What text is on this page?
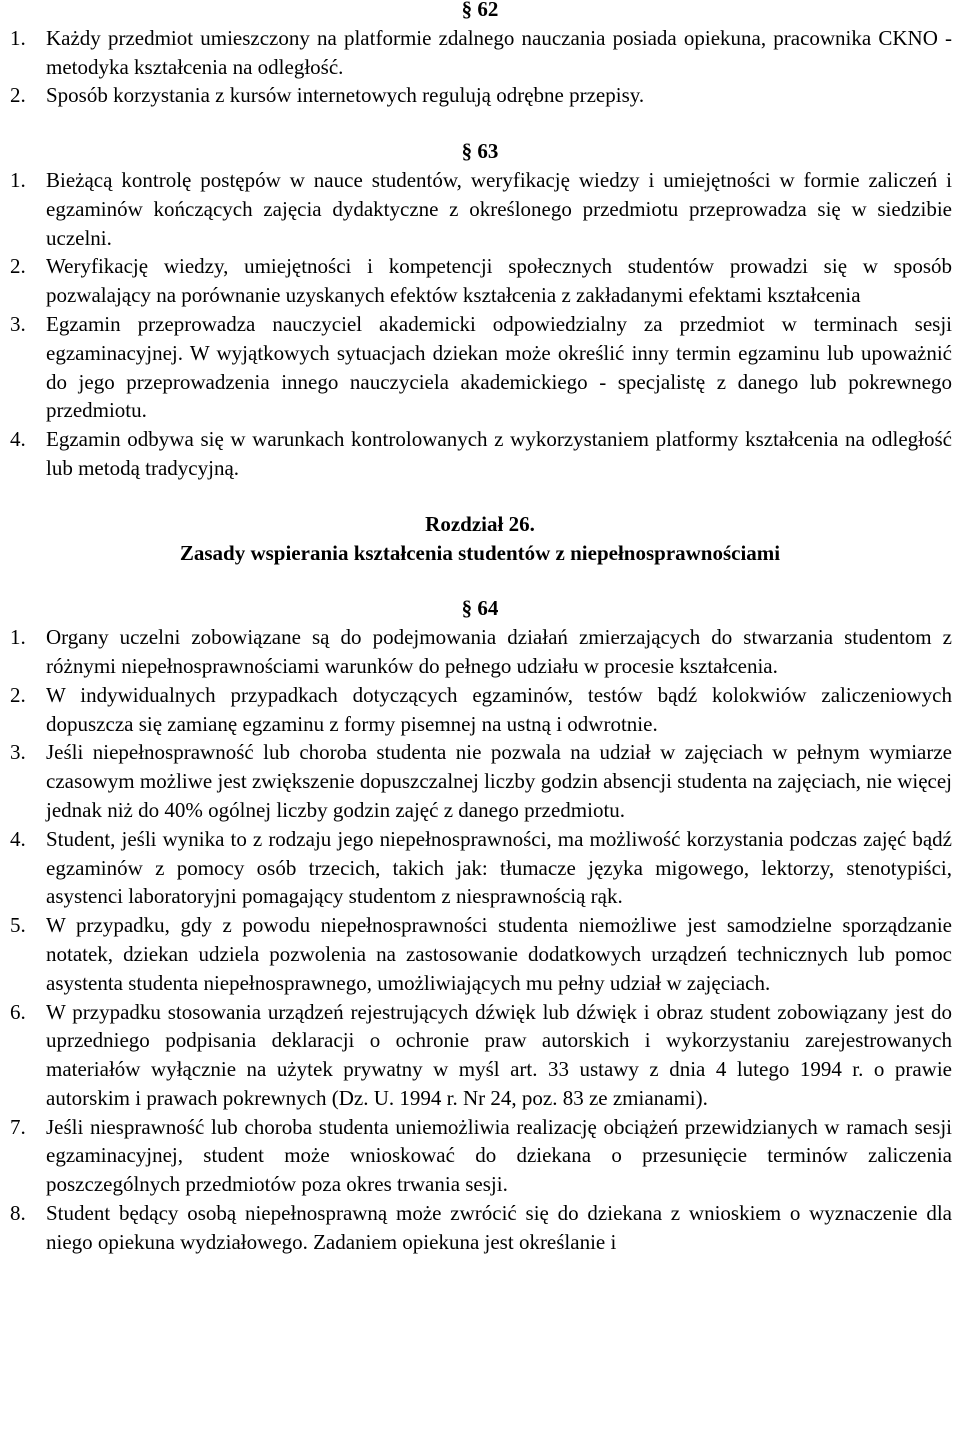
§ 62
1. Każdy przedmiot umieszczony na platformie zdalnego nauczania posiada opiekuna, pracownika CKNO - metodyka kształcenia na odległość.
2. Sposób korzystania z kursów internetowych regulują odrębne przepisy.
§ 63
1. Bieżącą kontrolę postępów w nauce studentów, weryfikację wiedzy i umiejętności w formie zaliczeń i egzaminów kończących zajęcia dydaktyczne z określonego przedmiotu przeprowadza się w siedzibie uczelni.
2. Weryfikację wiedzy, umiejętności i kompetencji społecznych studentów prowadzi się w sposób pozwalający na porównanie uzyskanych efektów kształcenia z zakładanymi efektami kształcenia
3. Egzamin przeprowadza nauczyciel akademicki odpowiedzialny za przedmiot w terminach sesji egzaminacyjnej. W wyjątkowych sytuacjach dziekan może określić inny termin egzaminu lub upoważnić do jego przeprowadzenia innego nauczyciela akademickiego - specjalistę z danego lub pokrewnego przedmiotu.
4. Egzamin odbywa się w warunkach kontrolowanych z wykorzystaniem platformy kształcenia na odległość lub metodą tradycyjną.

Rozdział 26.

Zasady wspierania kształcenia studentów z niepełnosprawnościami

§ 64
1. Organy uczelni zobowiązane są do podejmowania działań zmierzających do stwarzania studentom z różnymi niepełnosprawnościami warunków do pełnego udziału w procesie kształcenia.
2. W indywidualnych przypadkach dotyczących egzaminów, testów bądź kolokwiów zaliczeniowych dopuszcza się zamianę egzaminu z formy pisemnej na ustną i odwrotnie.
3. Jeśli niepełnosprawność lub choroba studenta nie pozwala na udział w zajęciach w pełnym wymiarze czasowym możliwe jest zwiększenie dopuszczalnej liczby godzin absencji studenta na zajęciach, nie więcej jednak niż do 40% ogólnej liczby godzin zajęć z danego przedmiotu.
4. Student, jeśli wynika to z rodzaju jego niepełnosprawności, ma możliwość korzystania podczas zajęć bądź egzaminów z pomocy osób trzecich, takich jak: tłumacze języka migowego, lektorzy, stenotypiści, asystenci laboratoryjni pomagający studentom z niesprawnością rąk.
5. W przypadku, gdy z powodu niepełnosprawności studenta niemożliwe jest samodzielne sporządzanie notatek, dziekan udziela pozwolenia na zastosowanie dodatkowych urządzeń technicznych lub pomoc asystenta studenta niepełnosprawnego, umożliwiających mu pełny udział w zajęciach.
6. W przypadku stosowania urządzeń rejestrujących dźwięk lub dźwięk i obraz student zobowiązany jest do uprzedniego podpisania deklaracji o ochronie praw autorskich i wykorzystaniu zarejestrowanych materiałów wyłącznie na użytek prywatny w myśl art. 33 ustawy z dnia 4 lutego 1994 r. o prawie autorskim i prawach pokrewnych (Dz. U. 1994 r. Nr 24, poz. 83 ze zmianami).
7. Jeśli niesprawność lub choroba studenta uniemożliwia realizację obciążeń przewidzianych w ramach sesji egzaminacyjnej, student może wnioskować do dziekana o przesunięcie terminów zaliczenia poszczególnych przedmiotów poza okres trwania sesji.
8. Student będący osobą niepełnosprawną może zwrócić się do dziekana z wnioskiem o wyznaczenie dla niego opiekuna wydziałowego. Zadaniem opiekuna jest określanie i
